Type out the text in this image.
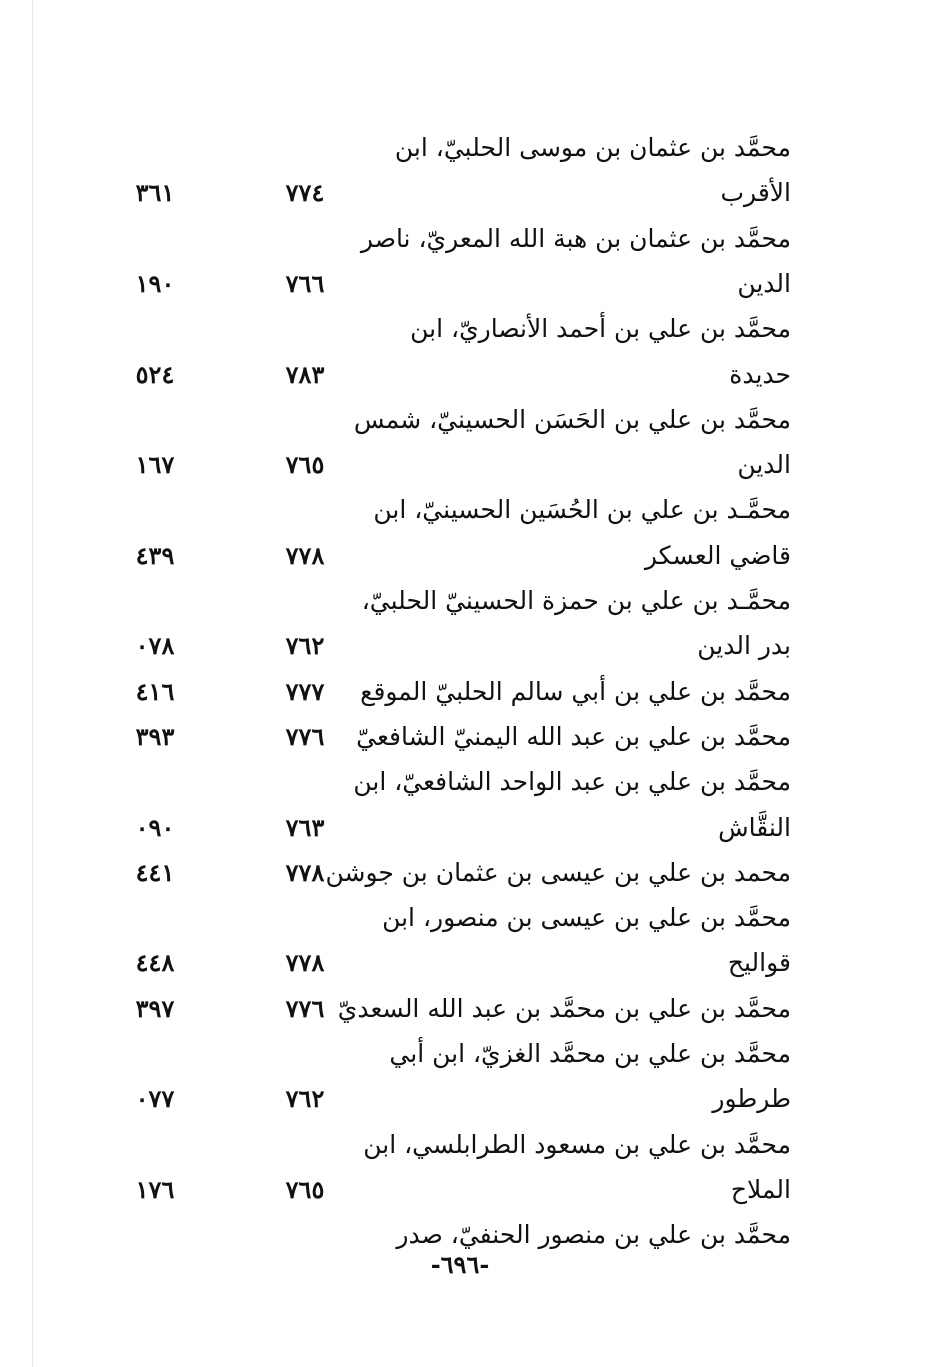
محمَّد بن عثمان بن موسى الحلبيّ، ابن
الأقرب
٧٧٤
٣٦١
محمَّد بن عثمان بن هبة الله المعريّ، ناصر
الدين
٧٦٦
١٩٠
محمَّد بن علي بن أحمد الأنصاريّ، ابن
حديدة
٧٨٣
٥٢٤
محمَّد بن علي بن الحَسَن الحسينيّ، شمس
الدين
٧٦٥
١٦٧
محمَّـد بن علي بن الحُسَين الحسينيّ، ابن
قاضي العسكر
٧٧٨
٤٣٩
محمَّـد بن علي بن حمزة الحسينيّ الحلبيّ،
بدر الدين
٧٦٢
٠٧٨
محمَّد بن علي بن أبي سالم الحلبيّ الموقع
٧٧٧
٤١٦
محمَّد بن علي بن عبد الله اليمنيّ الشافعيّ
٧٧٦
٣٩٣
محمَّد بن علي بن عبد الواحد الشافعيّ، ابن
النقَّاش
٧٦٣
٠٩٠
محمد بن علي بن عيسى بن عثمان بن جوشن
٧٧٨
٤٤١
محمَّد بن علي بن عيسى بن منصور، ابن
قواليح
٧٧٨
٤٤٨
محمَّد بن علي بن محمَّد بن عبد الله السعديّ
٧٧٦
٣٩٧
محمَّد بن علي بن محمَّد الغزيّ، ابن أبي
طرطور
٧٦٢
٠٧٧
محمَّد بن علي بن مسعود الطرابلسي، ابن
الملاح
٧٦٥
١٧٦
محمَّد بن علي بن منصور الحنفيّ، صدر
-٦٩٦-
